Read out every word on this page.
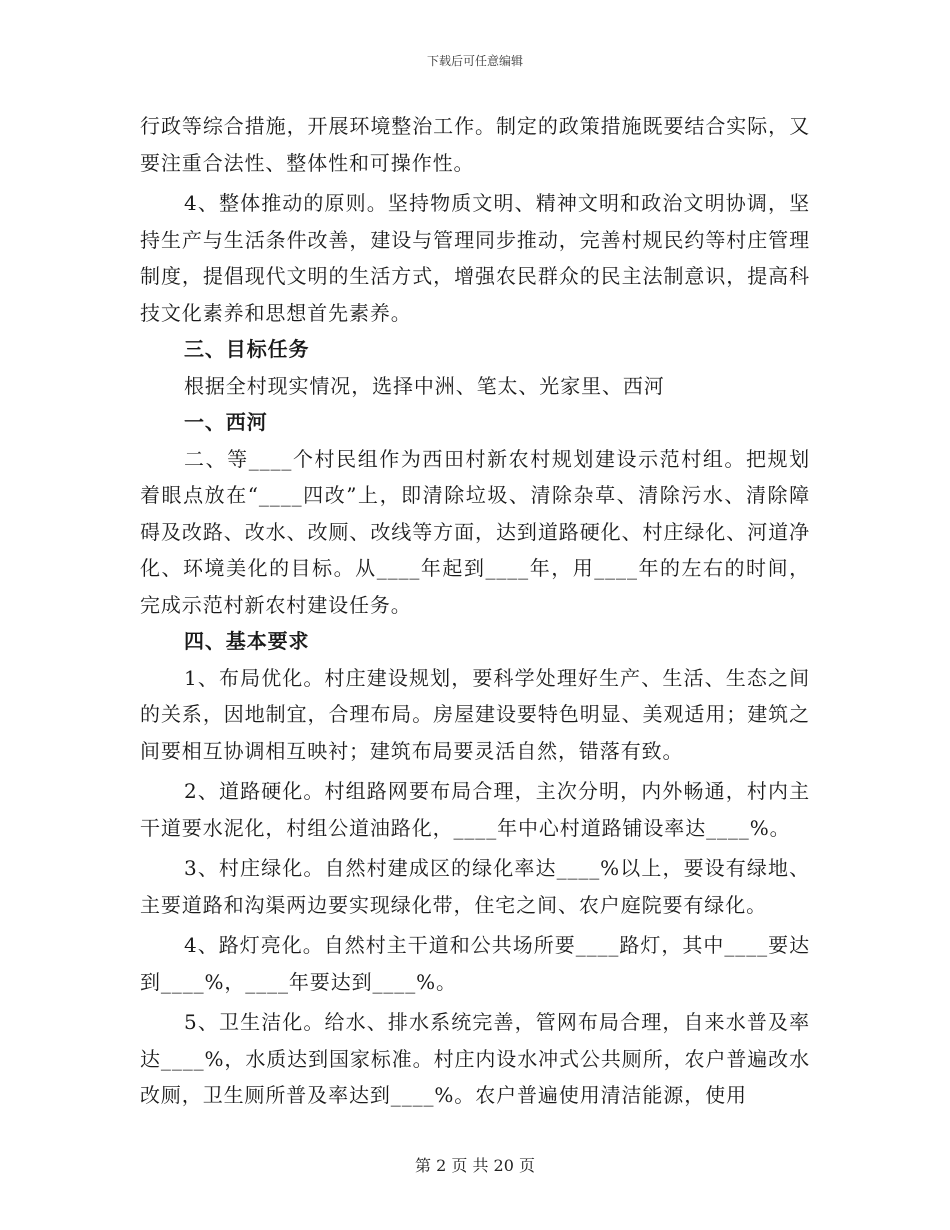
下载后可任意编辑

行政等综合措施，开展环境整治工作。制定的政策措施既要结合实际，又要注重合法性、整体性和可操作性。

4、整体推动的原则。坚持物质文明、精神文明和政治文明协调，坚持生产与生活条件改善，建设与管理同步推动，完善村规民约等村庄管理制度，提倡现代文明的生活方式，增强农民群众的民主法制意识，提高科技文化素养和思想首先素养。

三、目标任务

根据全村现实情况，选择中洲、笔太、光家里、西河

一、西河

二、等____个村民组作为西田村新农村规划建设示范村组。把规划着眼点放在“____四改”上，即清除垃圾、清除杂草、清除污水、清除障碍及改路、改水、改厕、改线等方面，达到道路硬化、村庄绿化、河道净化、环境美化的目标。从____年起到____年，用____年的左右的时间，完成示范村新农村建设任务。

四、基本要求

1、布局优化。村庄建设规划，要科学处理好生产、生活、生态之间的关系，因地制宜，合理布局。房屋建设要特色明显、美观适用；建筑之间要相互协调相互映衬；建筑布局要灵活自然，错落有致。

2、道路硬化。村组路网要布局合理，主次分明，内外畅通，村内主干道要水泥化，村组公道油路化，____年中心村道路铺设率达____%。

3、村庄绿化。自然村建成区的绿化率达____%以上，要设有绿地、主要道路和沟渠两边要实现绿化带，住宅之间、农户庭院要有绿化。

4、路灯亮化。自然村主干道和公共场所要____路灯，其中____要达到____%，____年要达到____%。

5、卫生洁化。给水、排水系统完善，管网布局合理，自来水普及率达____%，水质达到国家标准。村庄内设水冲式公共厕所，农户普遍改水改厕，卫生厕所普及率达到____%。农户普遍使用清洁能源，使用

第 2 页 共 20 页
